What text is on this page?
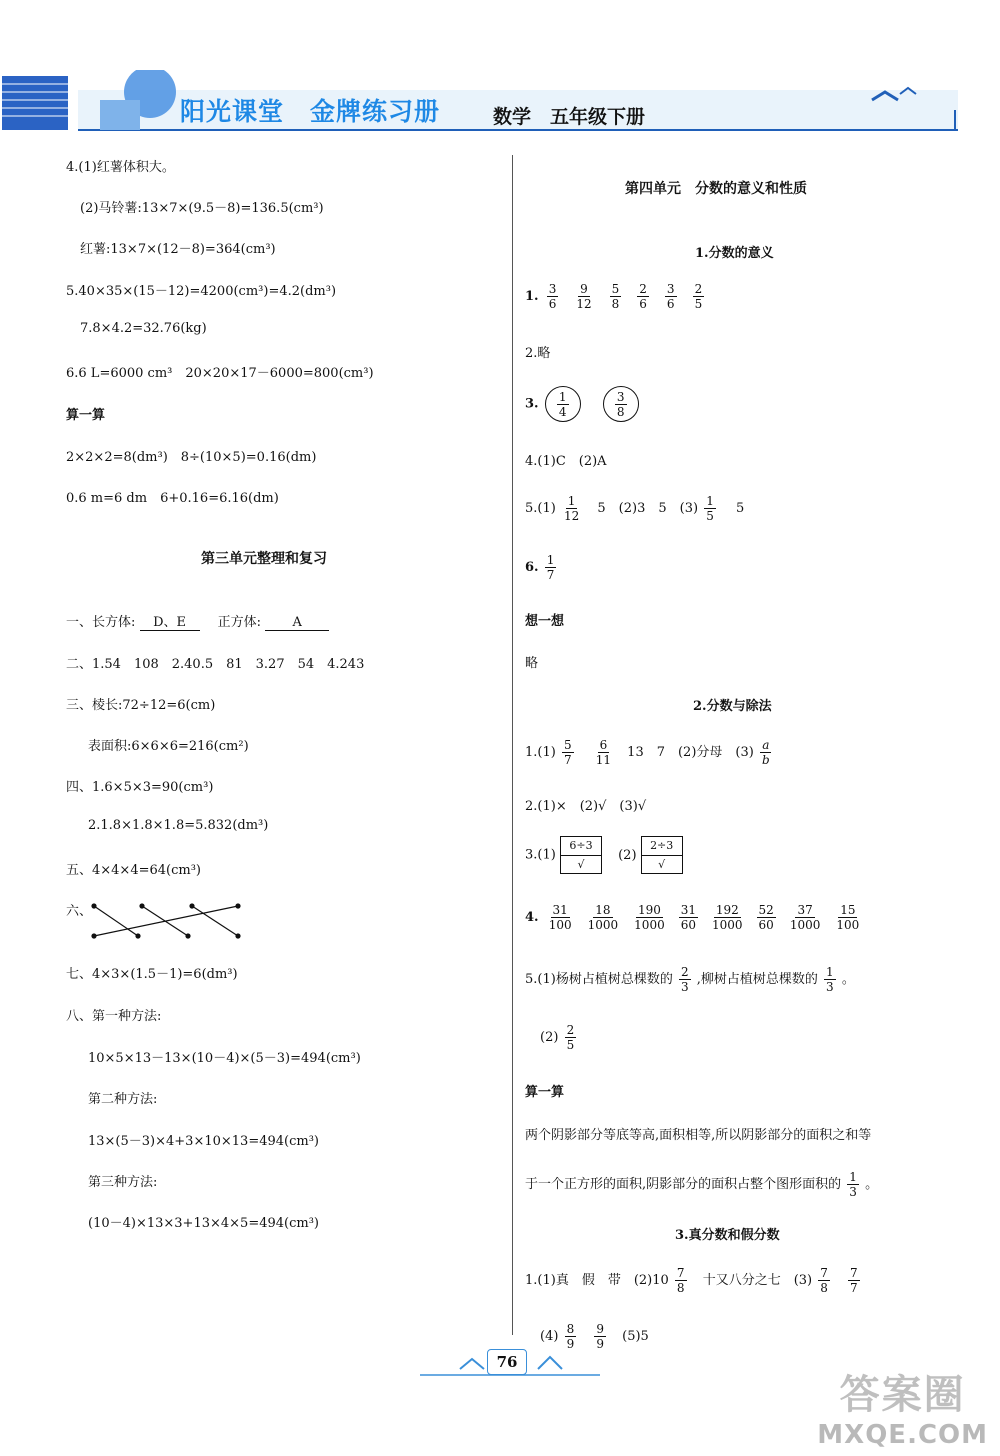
阳光课堂　金牌练习册	数学　五年级下册
4.(1)红薯体积大。
(2)马铃薯:13×7×(9.5－8)=136.5(cm³)
红薯:13×7×(12－8)=364(cm³)
5.40×35×(15－12)=4200(cm³)=4.2(dm³)
7.8×4.2=32.76(kg)
6.6 L=6000 cm³　20×20×17－6000=800(cm³)
算一算
2×2×2=8(dm³)　8÷(10×5)=0.16(dm)
0.6 m=6 dm　6+0.16=6.16(dm)
第三单元整理和复习
一、长方体: D、E 正方体: A
二、1.54　108　2.40.5　81　3.27　54　4.243
三、棱长:72÷12=6(cm)
表面积:6×6×6=216(cm²)
四、1.6×5×3=90(cm³)
2.1.8×1.8×1.8=5.832(dm³)
五、4×4×4=64(cm³)
六、
七、4×3×(1.5－1)=6(dm³)
八、第一种方法:
10×5×13－13×(10－4)×(5－3)=494(cm³)
第二种方法:
13×(5－3)×4+3×10×13=494(cm³)
第三种方法:
(10－4)×13×3+13×4×5=494(cm³)
第四单元　分数的意义和性质
1.分数的意义
1. $\frac{3}{6} \frac{9}{12} \frac{5}{8} \frac{2}{6} \frac{3}{6} \frac{2}{5}$
2.略
3. $\frac{1}{4}$	$\frac{3}{8}$
4.(1)C　(2)A
$5.(1) \frac{1}{12} 5$　(2)3　5　$(3) \frac{1}{5} 5$
6. $\frac{1}{7}$
想一想
略
2.分数与除法
$1.(1) \frac{5}{7}$
$\frac{6}{11} 13$　7　(2)分母　$(3) \frac{a}{b}$
2.(1)×　(2)√　(3)√
3.(1)
6÷3
√
(2)
2÷3
√
4. $\frac{31}{100} \frac{18}{1000} \frac{190}{1000} \frac{31}{60} \frac{192}{1000} \frac{52}{60} \frac{37}{1000} \frac{15}{100}$
5.(1)杨树占植树总棵数的 $\frac{2}{3}$ ,柳树占植树总棵数的 $\frac{1}{3}$ 。
$(2) \frac{2}{5}$
算一算
两个阴影部分等底等高,面积相等,所以阴影部分的面积之和等
于一个正方形的面积,阴影部分的面积占整个图形面积的 $\frac{1}{3}$ 。
3.真分数和假分数
1.(1)真　假　带　$(2)10 \frac{7}{8}$ 十又八分之七　$(3) \frac{7}{8}$
$\frac{7}{7}$
$(4) \frac{8}{9}$
$\frac{9}{9} (5)5$
76
答案圈
MXQE.COM
